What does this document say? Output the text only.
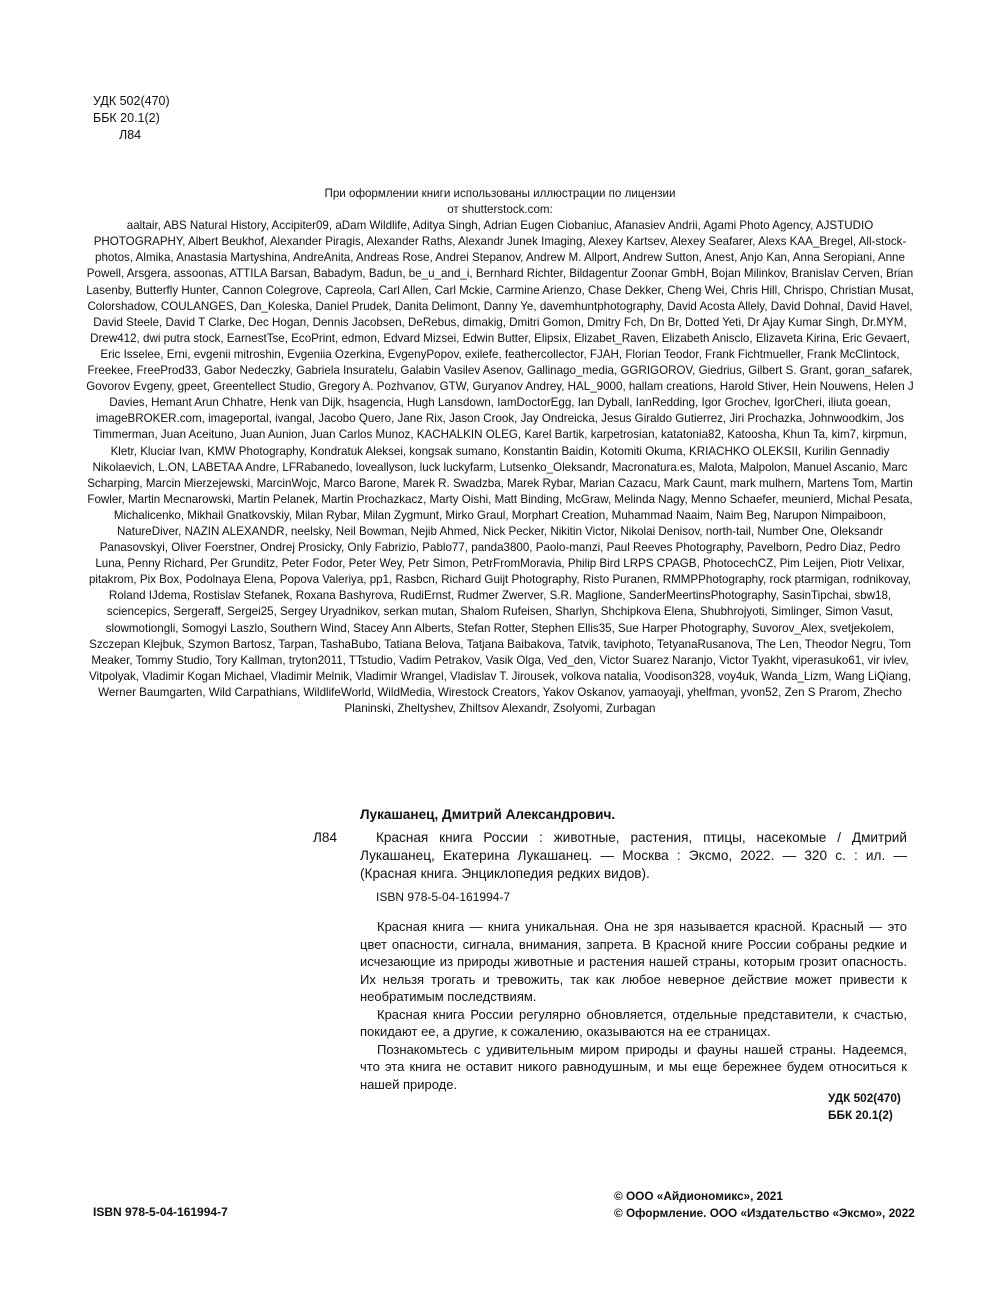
УДК 502(470)
ББК 20.1(2)
Л84
При оформлении книги использованы иллюстрации по лицензии
от shutterstock.com:
aaltair, ABS Natural History, Accipiter09, aDam Wildlife, Aditya Singh, Adrian Eugen Ciobaniuc, Afanasiev Andrii, Agami Photo Agency, AJSTUDIO PHOTOGRAPHY, Albert Beukhof, Alexander Piragis, Alexander Raths, Alexandr Junek Imaging, Alexey Kartsev, Alexey Seafarer, Alexs KAA_Bregel, All-stock-photos, Almika, Anastasia Martyshina, AndreAnita, Andreas Rose, Andrei Stepanov, Andrew M. Allport, Andrew Sutton, Anest, Anjo Kan, Anna Seropiani, Anne Powell, Arsgera, assoonas, ATTILA Barsan, Babadym, Badun, be_u_and_i, Bernhard Richter, Bildagentur Zoonar GmbH, Bojan Milinkov, Branislav Cerven, Brian Lasenby, Butterfly Hunter, Cannon Colegrove, Capreola, Carl Allen, Carl Mckie, Carmine Arienzo, Chase Dekker, Cheng Wei, Chris Hill, Chrispo, Christian Musat, Colorshadow, COULANGES, Dan_Koleska, Daniel Prudek, Danita Delimont, Danny Ye, davemhuntphotography, David Acosta Allely, David Dohnal, David Havel, David Steele, David T Clarke, Dec Hogan, Dennis Jacobsen, DeRebus, dimakig, Dmitri Gomon, Dmitry Fch, Dn Br, Dotted Yeti, Dr Ajay Kumar Singh, Dr.MYM, Drew412, dwi putra stock, EarnestTse, EcoPrint, edmon, Edvard Mizsei, Edwin Butter, Elipsix, Elizabet_Raven, Elizabeth Anisclo, Elizaveta Kirina, Eric Gevaert, Eric Isselee, Erni, evgenii mitroshin, Evgeniia Ozerkina, EvgenyPopov, exilefe, feathercollector, FJAH, Florian Teodor, Frank Fichtmueller, Frank McClintock, Freekee, FreeProd33, Gabor Nedeczky, Gabriela Insuratelu, Galabin Vasilev Asenov, Gallinago_media, GGRIGOROV, Giedrius, Gilbert S. Grant, goran_safarek, Govorov Evgeny, gpeet, Greentellect Studio, Gregory A. Pozhvanov, GTW, Guryanov Andrey, HAL_9000, hallam creations, Harold Stiver, Hein Nouwens, Helen J Davies, Hemant Arun Chhatre, Henk van Dijk, hsagencia, Hugh Lansdown, IamDoctorEgg, Ian Dyball, IanRedding, Igor Grochev, IgorCheri, iliuta goean, imageBROKER.com, imageportal, ivangal, Jacobo Quero, Jane Rix, Jason Crook, Jay Ondreicka, Jesus Giraldo Gutierrez, Jiri Prochazka, Johnwoodkim, Jos Timmerman, Juan Aceituno, Juan Aunion, Juan Carlos Munoz, KACHALKIN OLEG, Karel Bartik, karpetrosian, katatonia82, Katoosha, Khun Ta, kim7, kirpmun, Kletr, Kluciar Ivan, KMW Photography, Kondratuk Aleksei, kongsak sumano, Konstantin Baidin, Kotomiti Okuma, KRIACHKO OLEKSII, Kurilin Gennadiy Nikolaevich, L.ON, LABETAA Andre, LFRabanedo, loveallyson, luck luckyfarm, Lutsenko_Oleksandr, Macronatura.es, Malota, Malpolon, Manuel Ascanio, Marc Scharping, Marcin Mierzejewski, MarcinWojc, Marco Barone, Marek R. Swadzba, Marek Rybar, Marian Cazacu, Mark Caunt, mark mulhern, Martens Tom, Martin Fowler, Martin Mecnarowski, Martin Pelanek, Martin Prochazkacz, Marty Oishi, Matt Binding, McGraw, Melinda Nagy, Menno Schaefer, meunierd, Michal Pesata, Michalicenko, Mikhail Gnatkovskiy, Milan Rybar, Milan Zygmunt, Mirko Graul, Morphart Creation, Muhammad Naaim, Naim Beg, Narupon Nimpaiboon, NatureDiver, NAZIN ALEXANDR, neelsky, Neil Bowman, Nejib Ahmed, Nick Pecker, Nikitin Victor, Nikolai Denisov, north-tail, Number One, Oleksandr Panasovskyi, Oliver Foerstner, Ondrej Prosicky, Only Fabrizio, Pablo77, panda3800, Paolo-manzi, Paul Reeves Photography, Pavelborn, Pedro Diaz, Pedro Luna, Penny Richard, Per Grunditz, Peter Fodor, Peter Wey, Petr Simon, PetrFromMoravia, Philip Bird LRPS CPAGB, PhotocechCZ, Pim Leijen, Piotr Velixar, pitakrom, Pix Box, Podolnaya Elena, Popova Valeriya, pp1, Rasbcn, Richard Guijt Photography, Risto Puranen, RMMPPhotography, rock ptarmigan, rodnikovay, Roland IJdema, Rostislav Stefanek, Roxana Bashyrova, RudiErnst, Rudmer Zwerver, S.R. Maglione, SanderMeertinsPhotography, SasinTipchai, sbw18, sciencepics, Sergeraff, Sergei25, Sergey Uryadnikov, serkan mutan, Shalom Rufeisen, Sharlyn, Shchipkova Elena, Shubhrojyoti, Simlinger, Simon Vasut, slowmotiongli, Somogyi Laszlo, Southern Wind, Stacey Ann Alberts, Stefan Rotter, Stephen Ellis35, Sue Harper Photography, Suvorov_Alex, svetjekolem, Szczepan Klejbuk, Szymon Bartosz, Tarpan, TashaBubo, Tatiana Belova, Tatjana Baibakova, Tatvik, taviphoto, TetyanaRusanova, The Len, Theodor Negru, Tom Meaker, Tommy Studio, Tory Kallman, tryton2011, TTstudio, Vadim Petrakov, Vasik Olga, Ved_den, Victor Suarez Naranjo, Victor Tyakht, viperasuko61, vir ivlev, Vitpolyak, Vladimir Kogan Michael, Vladimir Melnik, Vladimir Wrangel, Vladislav T. Jirousek, volkova natalia, Voodison328, voy4uk, Wanda_Lizm, Wang LiQiang, Werner Baumgarten, Wild Carpathians, WildlifeWorld, WildMedia, Wirestock Creators, Yakov Oskanov, yamaoyaji, yhelfman, yvon52, Zen S Prarom, Zhecho Planinski, Zheltyshev, Zhiltsov Alexandr, Zsolyomi, Zurbagan
Лукашанец, Дмитрий Александрович.
Л84	Красная книга России : животные, растения, птицы, насекомые / Дмитрий Лукашанец, Екатерина Лукашанец. — Москва : Эксмо, 2022. — 320 с. : ил. — (Красная книга. Энциклопедия редких видов).
ISBN 978-5-04-161994-7

Красная книга — книга уникальная. Она не зря называется красной. Красный — это цвет опасности, сигнала, внимания, запрета. В Красной книге России собраны редкие и исчезающие из природы животные и растения нашей страны, которым грозит опасность. Их нельзя трогать и тревожить, так как любое неверное действие может привести к необратимым последствиям.

Красная книга России регулярно обновляется, отдельные представители, к счастью, покидают ее, а другие, к сожалению, оказываются на ее страницах.

Познакомьтесь с удивительным миром природы и фауны нашей страны. Надеемся, что эта книга не оставит никого равнодушным, и мы еще бережнее будем относиться к нашей природе.

УДК 502(470)
ББК 20.1(2)
ISBN 978-5-04-161994-7
© ООО «Айдиономикс», 2021
© Оформление. ООО «Издательство «Эксмо», 2022
